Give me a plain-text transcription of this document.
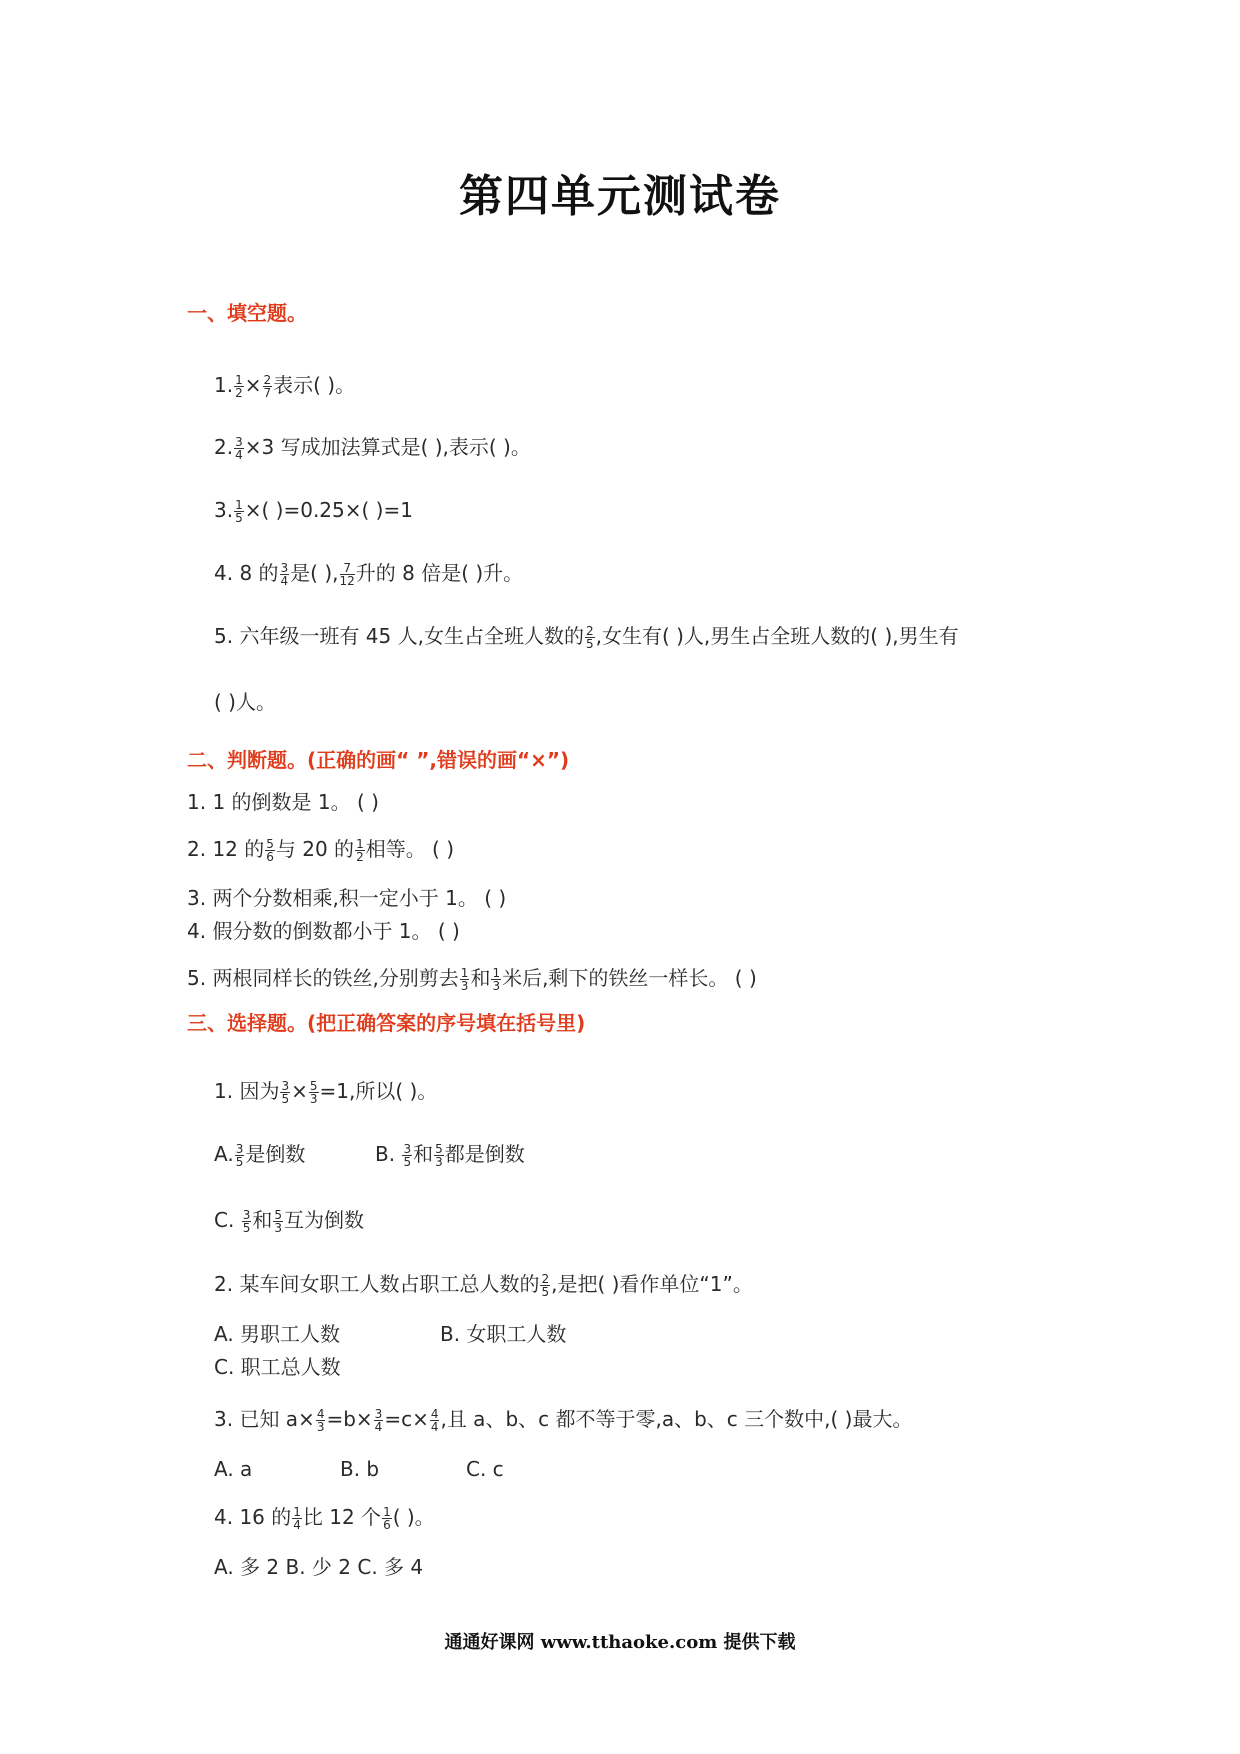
第四单元测试卷
一、填空题。
1. $\frac{1}{2} \times \frac{2}{7}$ 表示( )。
2. $\frac{3}{4} \times 3$ 写成加法算式是( ),表示( )。
3. $\frac{1}{5}$ ×( )=0.25×( )=1
4. 8 的 $\frac{3}{4}$ 是( ), $\frac{7}{12}$ 升的 8 倍是( )升。
5. 六年级一班有 45 人,女生占全班人数的 $\frac{2}{5}$ ,女生有( )人,男生占全班人数的( ),男生有
( )人。
二、判断题。(正确的画“ ”,错误的画“×”)
1. 1 的倒数是 1。 ( )
2. 12 的 $\frac{5}{6}$ 与 20 的 $\frac{1}{2}$ 相等。 ( )
3. 两个分数相乘,积一定小于 1。 ( )
4. 假分数的倒数都小于 1。 ( )
5. 两根同样长的铁丝,分别剪去 $\frac{1}{3}$ 和 $\frac{1}{3}$ 米后,剩下的铁丝一样长。 ( )
三、选择题。(把正确答案的序号填在括号里)
1. 因为 $\frac{3}{5} \times \frac{5}{3} =1$,所以( )。
A. $\frac{3}{5}$ 是倒数	B. $\frac{3}{5}$ 和 $\frac{5}{3}$ 都是倒数
C. $\frac{3}{5}$ 和 $\frac{5}{3}$ 互为倒数
2. 某车间女职工人数占职工总人数的 $\frac{2}{5}$ ,是把( )看作单位“1”。
A. 男职工人数	B. 女职工人数
C. 职工总人数
3. 已知 $a\times \frac{4}{3} =b\times \frac{3}{4} =c\times \frac{4}{4}$ ,且 a、b、c 都不等于零,a、b、c 三个数中,( )最大。
A. a	B. b	C. c
4. 16 的 $\frac{1}{4}$ 比 12 个 $\frac{1}{6}$ ( )。
A. 多 2 B. 少 2 C. 多 4
通通好课网 www.tthaoke.com 提供下载
